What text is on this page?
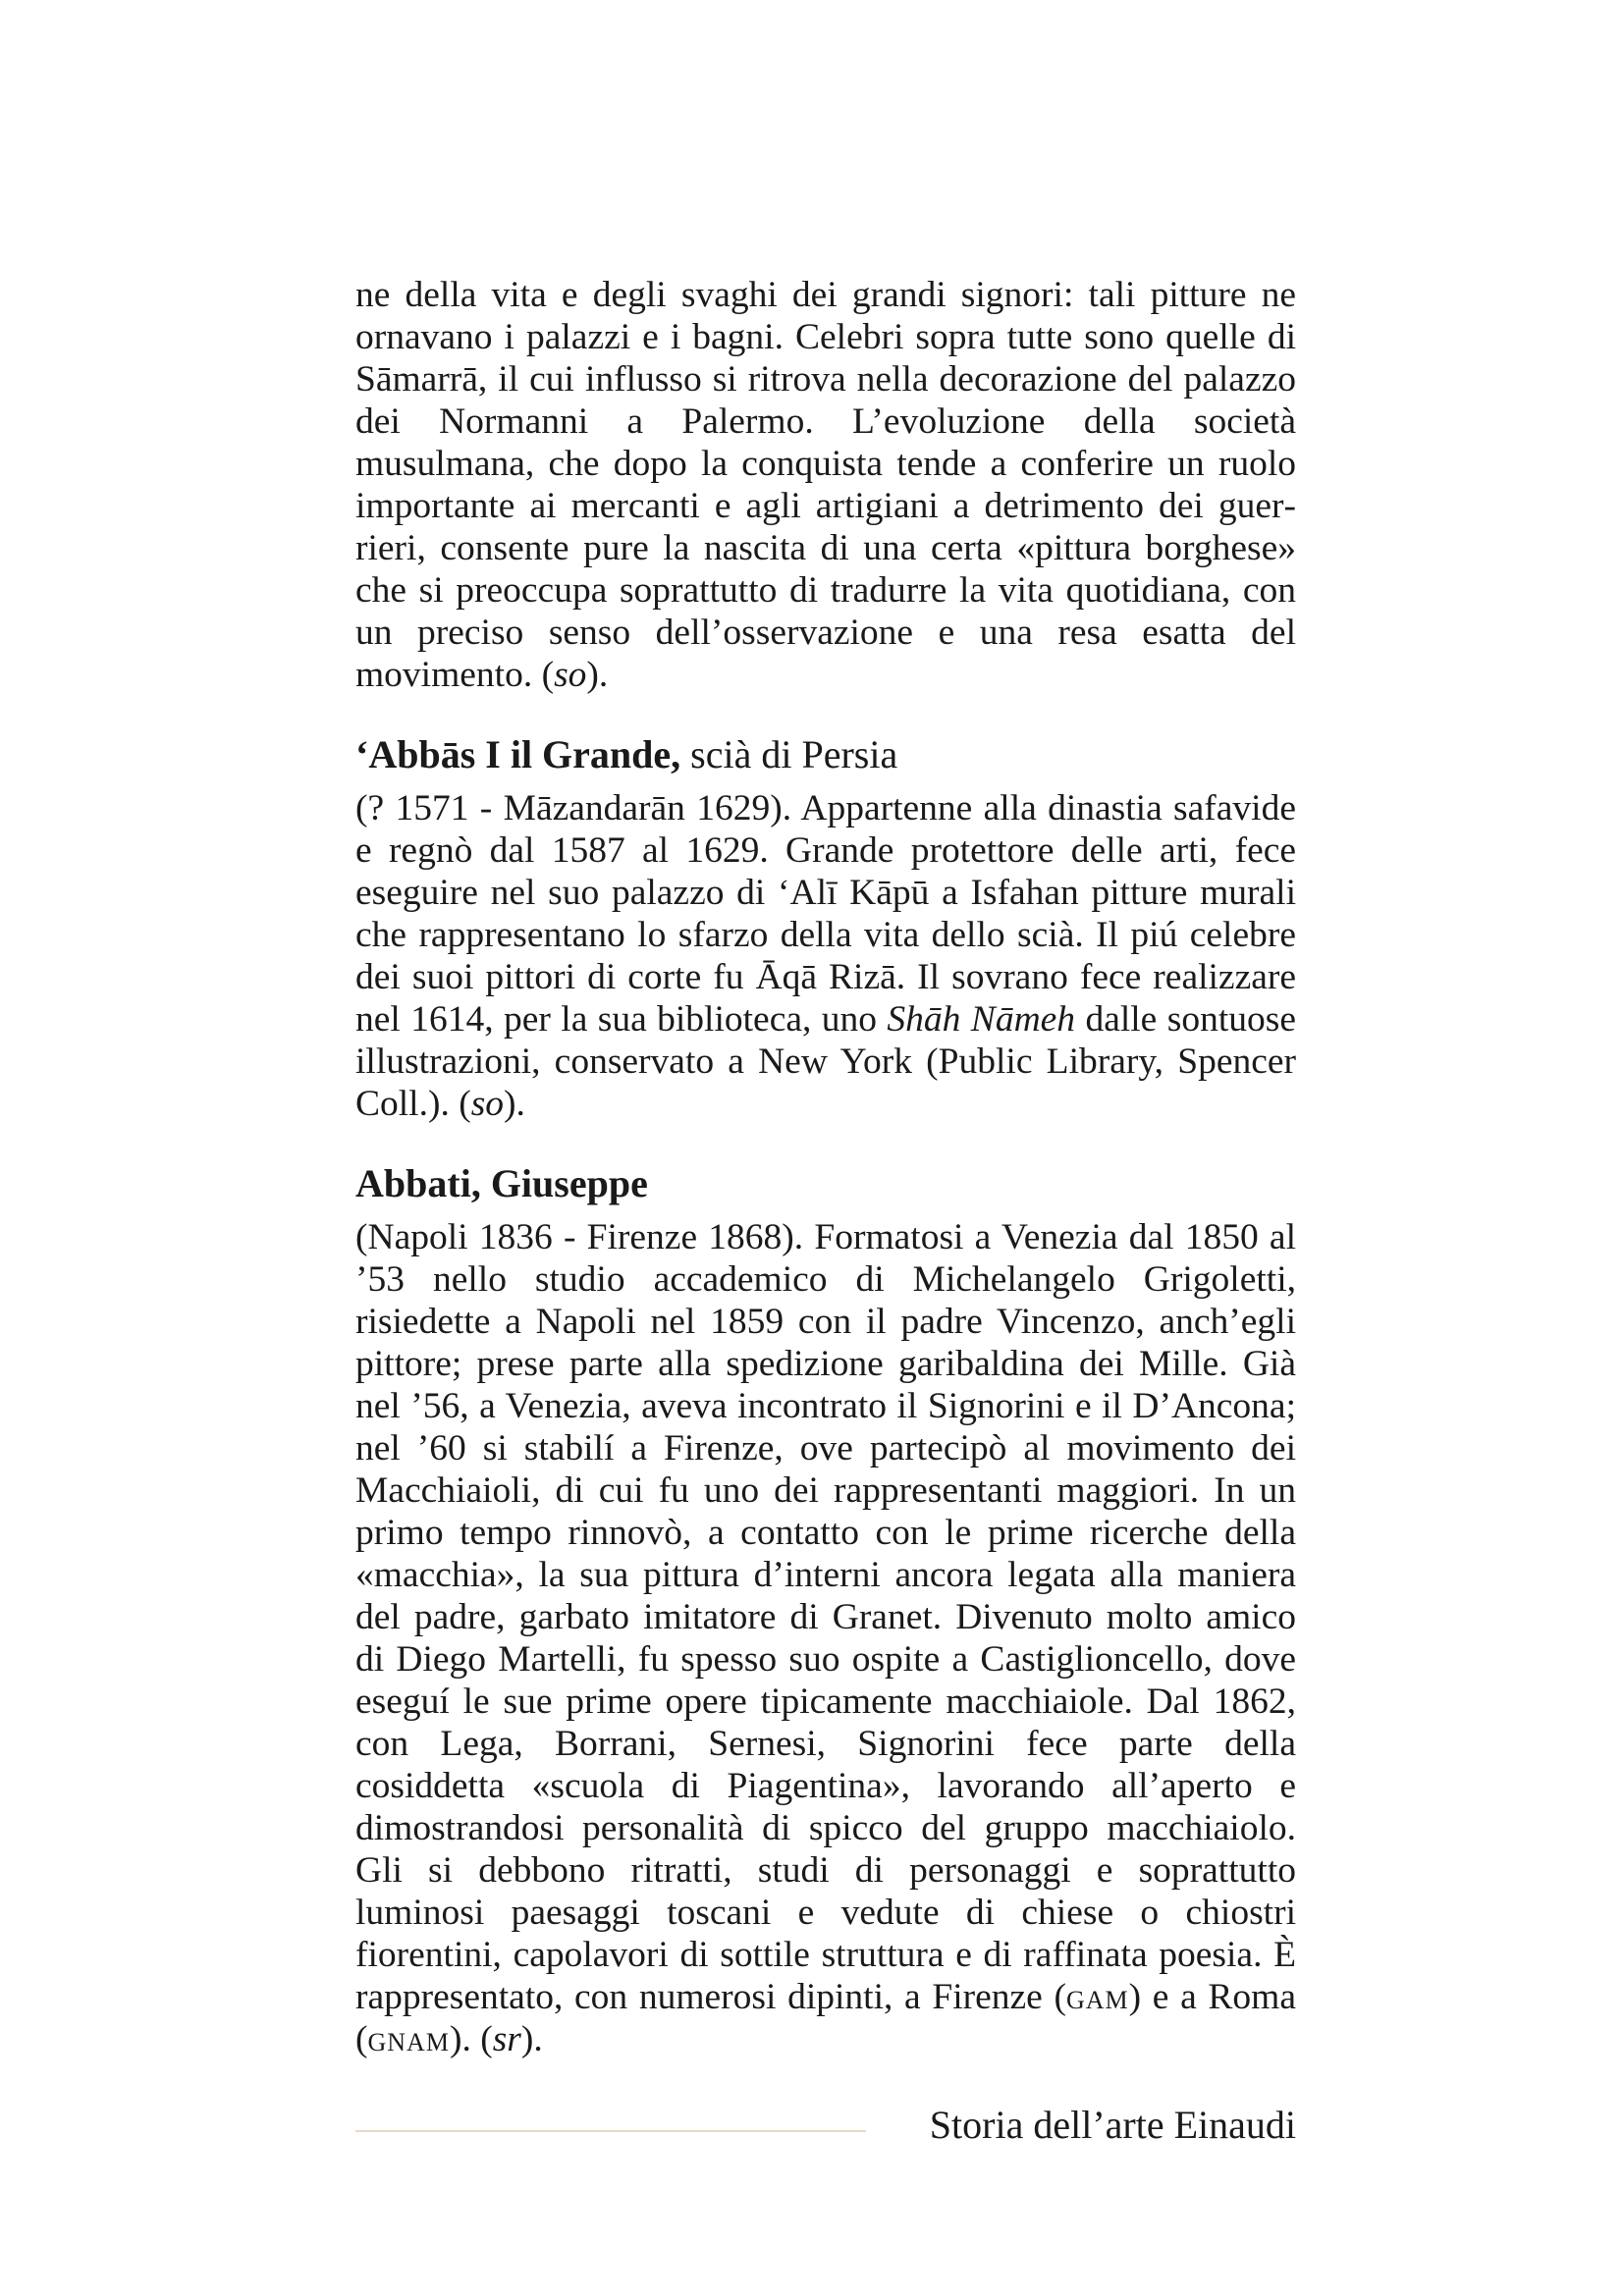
ne della vita e degli svaghi dei grandi signori: tali pitture ne ornavano i palazzi e i bagni. Celebri sopra tutte sono quelle di Sāmarrā, il cui influsso si ritrova nella decorazione del palazzo dei Normanni a Palermo. L’evoluzione della società musulmana, che dopo la conquista tende a conferire un ruolo importante ai mercanti e agli artigiani a detrimento dei guerrieri, consente pure la nascita di una certa «pittura borghese» che si preoccupa soprattutto di tradurre la vita quotidiana, con un preciso senso dell’osservazione e una resa esatta del movimento. (so).

‘Abbās I il Grande, scià di Persia

(? 1571 - Māzandarān 1629). Appartenne alla dinastia safavide e regnò dal 1587 al 1629. Grande protettore delle arti, fece eseguire nel suo palazzo di ‘Alī Kāpū a Isfahan pitture murali che rappresentano lo sfarzo della vita dello scià. Il piú celebre dei suoi pittori di corte fu Āqā Rizā. Il sovrano fece realizzare nel 1614, per la sua biblioteca, uno Shāh Nāmeh dalle sontuose illustrazioni, conservato a New York (Public Library, Spencer Coll.). (so).

Abbati, Giuseppe

(Napoli 1836 - Firenze 1868). Formatosi a Venezia dal 1850 al ’53 nello studio accademico di Michelangelo Grigoletti, risiedette a Napoli nel 1859 con il padre Vincenzo, anch’egli pittore; prese parte alla spedizione garibaldina dei Mille. Già nel ’56, a Venezia, aveva incontrato il Signorini e il D’Ancona; nel ’60 si stabilí a Firenze, ove partecipò al movimento dei Macchiaioli, di cui fu uno dei rappresentanti maggiori. In un primo tempo rinnovò, a contatto con le prime ricerche della «macchia», la sua pittura d’interni ancora legata alla maniera del padre, garbato imitatore di Granet. Divenuto molto amico di Diego Martelli, fu spesso suo ospite a Castiglioncello, dove eseguí le sue prime opere tipicamente macchiaiole. Dal 1862, con Lega, Borrani, Sernesi, Signorini fece parte della cosiddetta «scuola di Piagentina», lavorando all’aperto e dimostrandosi personalità di spicco del gruppo macchiaiolo. Gli si debbono ritratti, studi di personaggi e soprattutto luminosi paesaggi toscani e vedute di chiese o chiostri fiorentini, capolavori di sottile struttura e di raffinata poesia. È rappresentato, con numerosi dipinti, a Firenze (gam) e a Roma (gnam). (sr).

Storia dell’arte Einaudi
